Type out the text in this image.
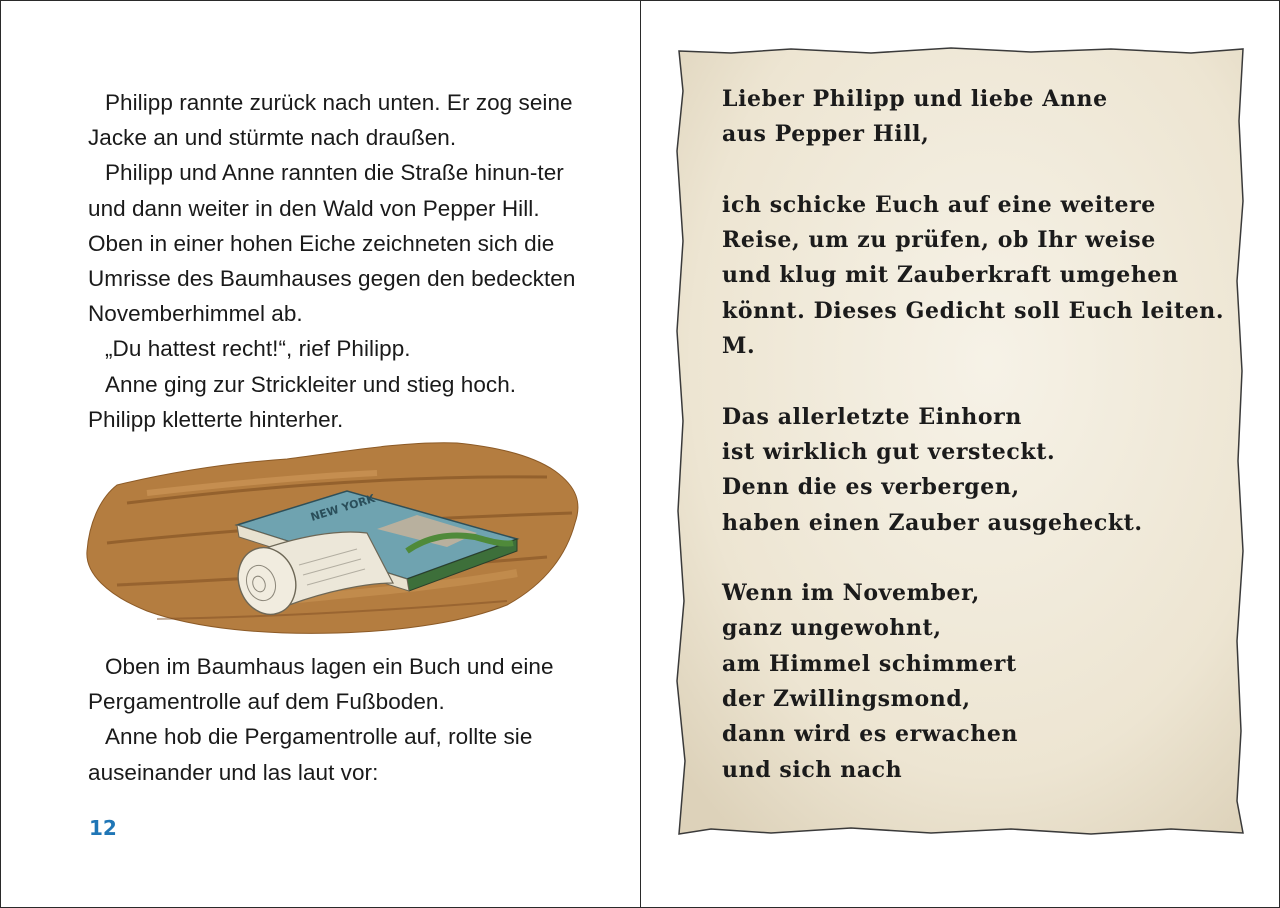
Philipp rannte zurück nach unten. Er zog seine Jacke an und stürmte nach draußen.

Philipp und Anne rannten die Straße hinun-ter und dann weiter in den Wald von Pepper Hill. Oben in einer hohen Eiche zeichneten sich die Umrisse des Baumhauses gegen den bedeckten Novemberhimmel ab.

„Du hattest recht!“, rief Philipp.

Anne ging zur Strickleiter und stieg hoch. Philipp kletterte hinterher.

NEW YORK

Oben im Baumhaus lagen ein Buch und eine Pergamentrolle auf dem Fußboden.

Anne hob die Pergamentrolle auf, rollte sie auseinander und las laut vor:

12
Lieber Philipp und liebe Anne
aus Pepper Hill,
ich schicke Euch auf eine weitere
Reise, um zu prüfen, ob Ihr weise
und klug mit Zauberkraft umgehen
könnt. Dieses Gedicht soll Euch leiten.
M.
Das allerletzte Einhorn
ist wirklich gut versteckt.
Denn die es verbergen,
haben einen Zauber ausgeheckt.
Wenn im November,
ganz ungewohnt,
am Himmel schimmert
der Zwillingsmond,
dann wird es erwachen
und sich nach
